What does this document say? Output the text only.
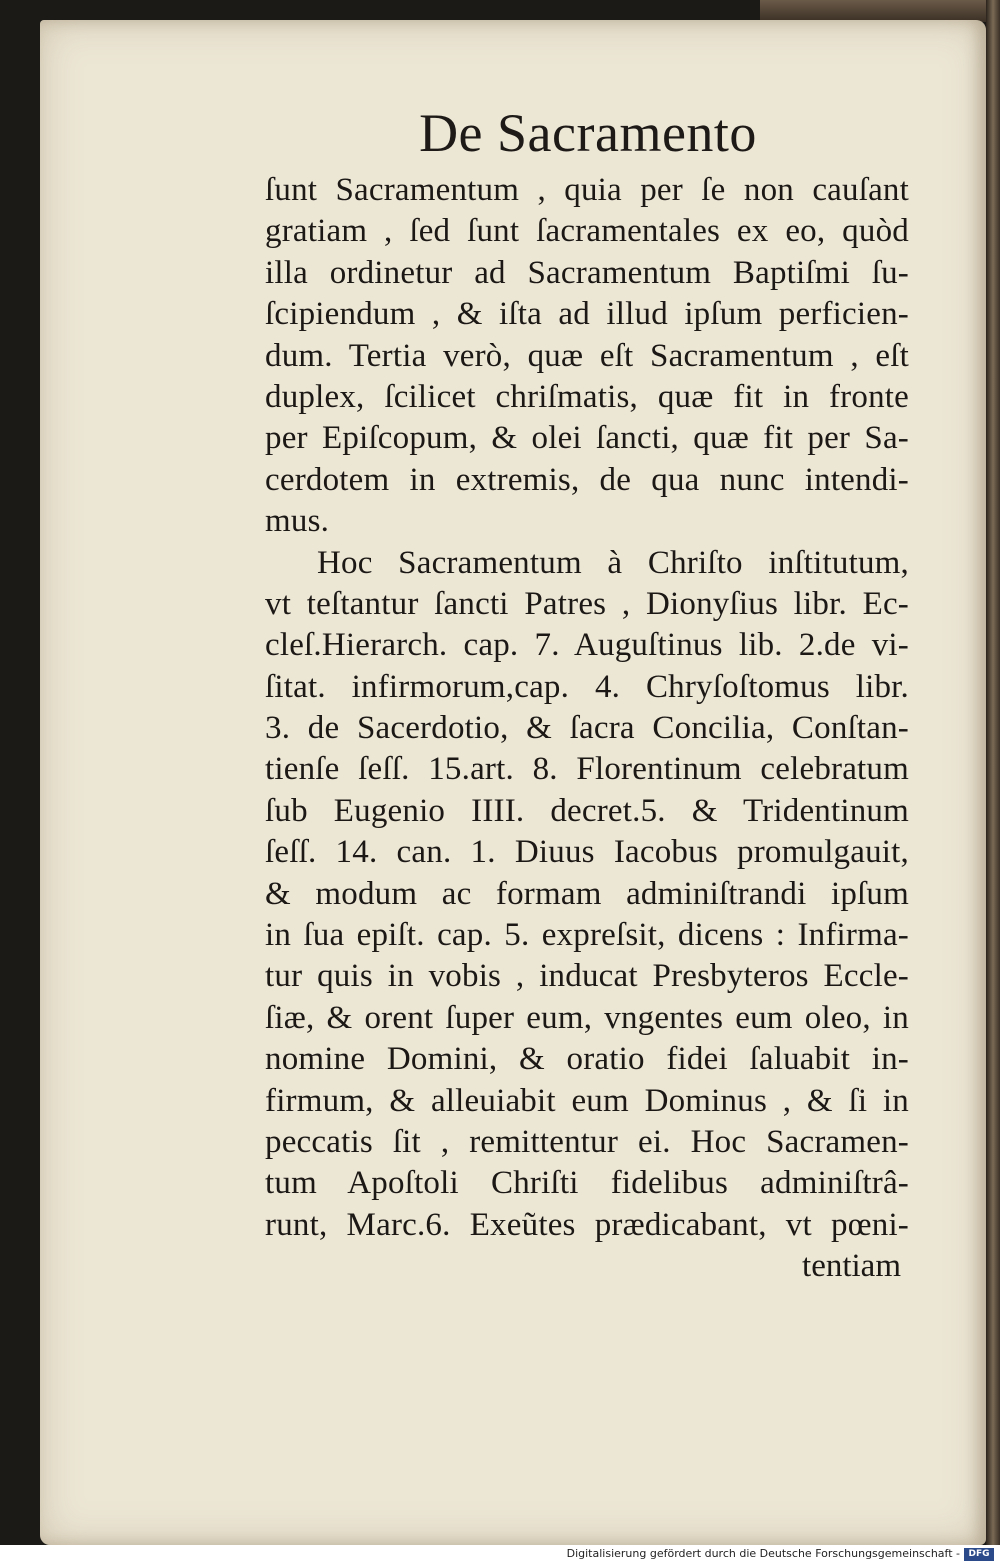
De Sacramento
ſunt Sacramentum , quia per ſe non cauſant
gratiam , ſed ſunt ſacramentales ex eo, quòd
illa ordinetur ad Sacramentum Baptiſmi ſu-
ſcipiendum , & iſta ad illud ipſum perficien-
dum. Tertia verò, quæ eſt Sacramentum , eſt
duplex, ſcilicet chriſmatis, quæ fit in fronte
per Epiſcopum, & olei ſancti, quæ fit per Sa-
cerdotem in extremis, de qua nunc intendi-
mus.
Hoc Sacramentum à Chriſto inſtitutum,
vt teſtantur ſancti Patres , Dionyſius libr. Ec-
cleſ.Hierarch. cap. 7. Auguſtinus lib. 2.de vi-
ſitat. infirmorum,cap. 4. Chryſoſtomus libr.
3. de Sacerdotio, & ſacra Concilia, Conſtan-
tienſe ſeſſ. 15.art. 8. Florentinum celebratum
ſub Eugenio IIII. decret.5. & Tridentinum
ſeſſ. 14. can. 1. Diuus Iacobus promulgauit,
& modum ac formam adminiſtrandi ipſum
in ſua epiſt. cap. 5. expreſsit, dicens : Infirma-
tur quis in vobis , inducat Presbyteros Eccle-
ſiæ, & orent ſuper eum, vngentes eum oleo, in
nomine Domini, & oratio fidei ſaluabit in-
firmum, & alleuiabit eum Dominus , & ſi in
peccatis ſit , remittentur ei. Hoc Sacramen-
tum Apoſtoli Chriſti fidelibus adminiſtrâ-
runt, Marc.6. Exeũtes prædicabant, vt pœni-
tentiam
Digitalisierung gefördert durch die Deutsche Forschungsgemeinschaft - DFG
